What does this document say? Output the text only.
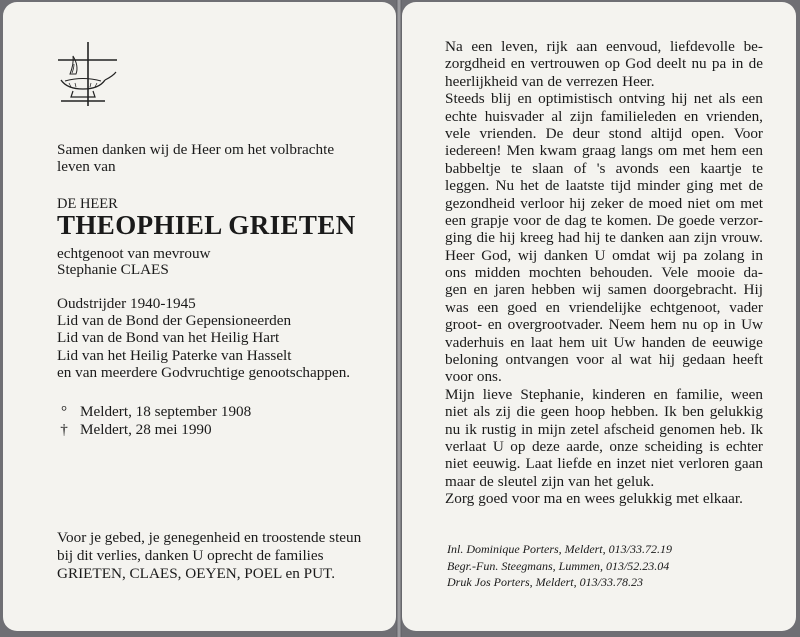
Samen danken wij de Heer om het volbrachte
leven van
DE HEER
THEOPHIEL GRIETEN
echtgenoot van mevrouw
Stephanie CLAES
Oudstrijder 1940-1945
Lid van de Bond der Gepensioneerden
Lid van de Bond van het Heilig Hart
Lid van het Heilig Paterke van Hasselt
en van meerdere Godvruchtige genootschappen.
° Meldert, 18 september 1908
† Meldert, 28 mei 1990
Voor je gebed, je genegenheid en troostende steun
bij dit verlies, danken U oprecht de families
GRIETEN, CLAES, OEYEN, POEL en PUT.
Na een leven, rijk aan eenvoud, liefdevolle be-
zorgdheid en vertrouwen op God deelt nu pa in de
heerlijkheid van de verrezen Heer.
Steeds blij en optimistisch ontving hij net als een
echte huisvader al zijn familieleden en vrienden,
vele vrienden. De deur stond altijd open. Voor
iedereen! Men kwam graag langs om met hem een
babbeltje te slaan of 's avonds een kaartje te
leggen. Nu het de laatste tijd minder ging met de
gezondheid verloor hij zeker de moed niet om met
een grapje voor de dag te komen. De goede verzor-
ging die hij kreeg had hij te danken aan zijn vrouw.
Heer God, wij danken U omdat wij pa zolang in
ons midden mochten behouden. Vele mooie da-
gen en jaren hebben wij samen doorgebracht. Hij
was een goed en vriendelijke echtgenoot, vader
groot- en overgrootvader. Neem hem nu op in Uw
vaderhuis en laat hem uit Uw handen de eeuwige
beloning ontvangen voor al wat hij gedaan heeft
voor ons.
Mijn lieve Stephanie, kinderen en familie, ween
niet als zij die geen hoop hebben. Ik ben gelukkig
nu ik rustig in mijn zetel afscheid genomen heb. Ik
verlaat U op deze aarde, onze scheiding is echter
niet eeuwig. Laat liefde en inzet niet verloren gaan
maar de sleutel zijn van het geluk.
Zorg goed voor ma en wees gelukkig met elkaar.
Inl. Dominique Porters, Meldert, 013/33.72.19
Begr.-Fun. Steegmans, Lummen, 013/52.23.04
Druk Jos Porters, Meldert, 013/33.78.23
